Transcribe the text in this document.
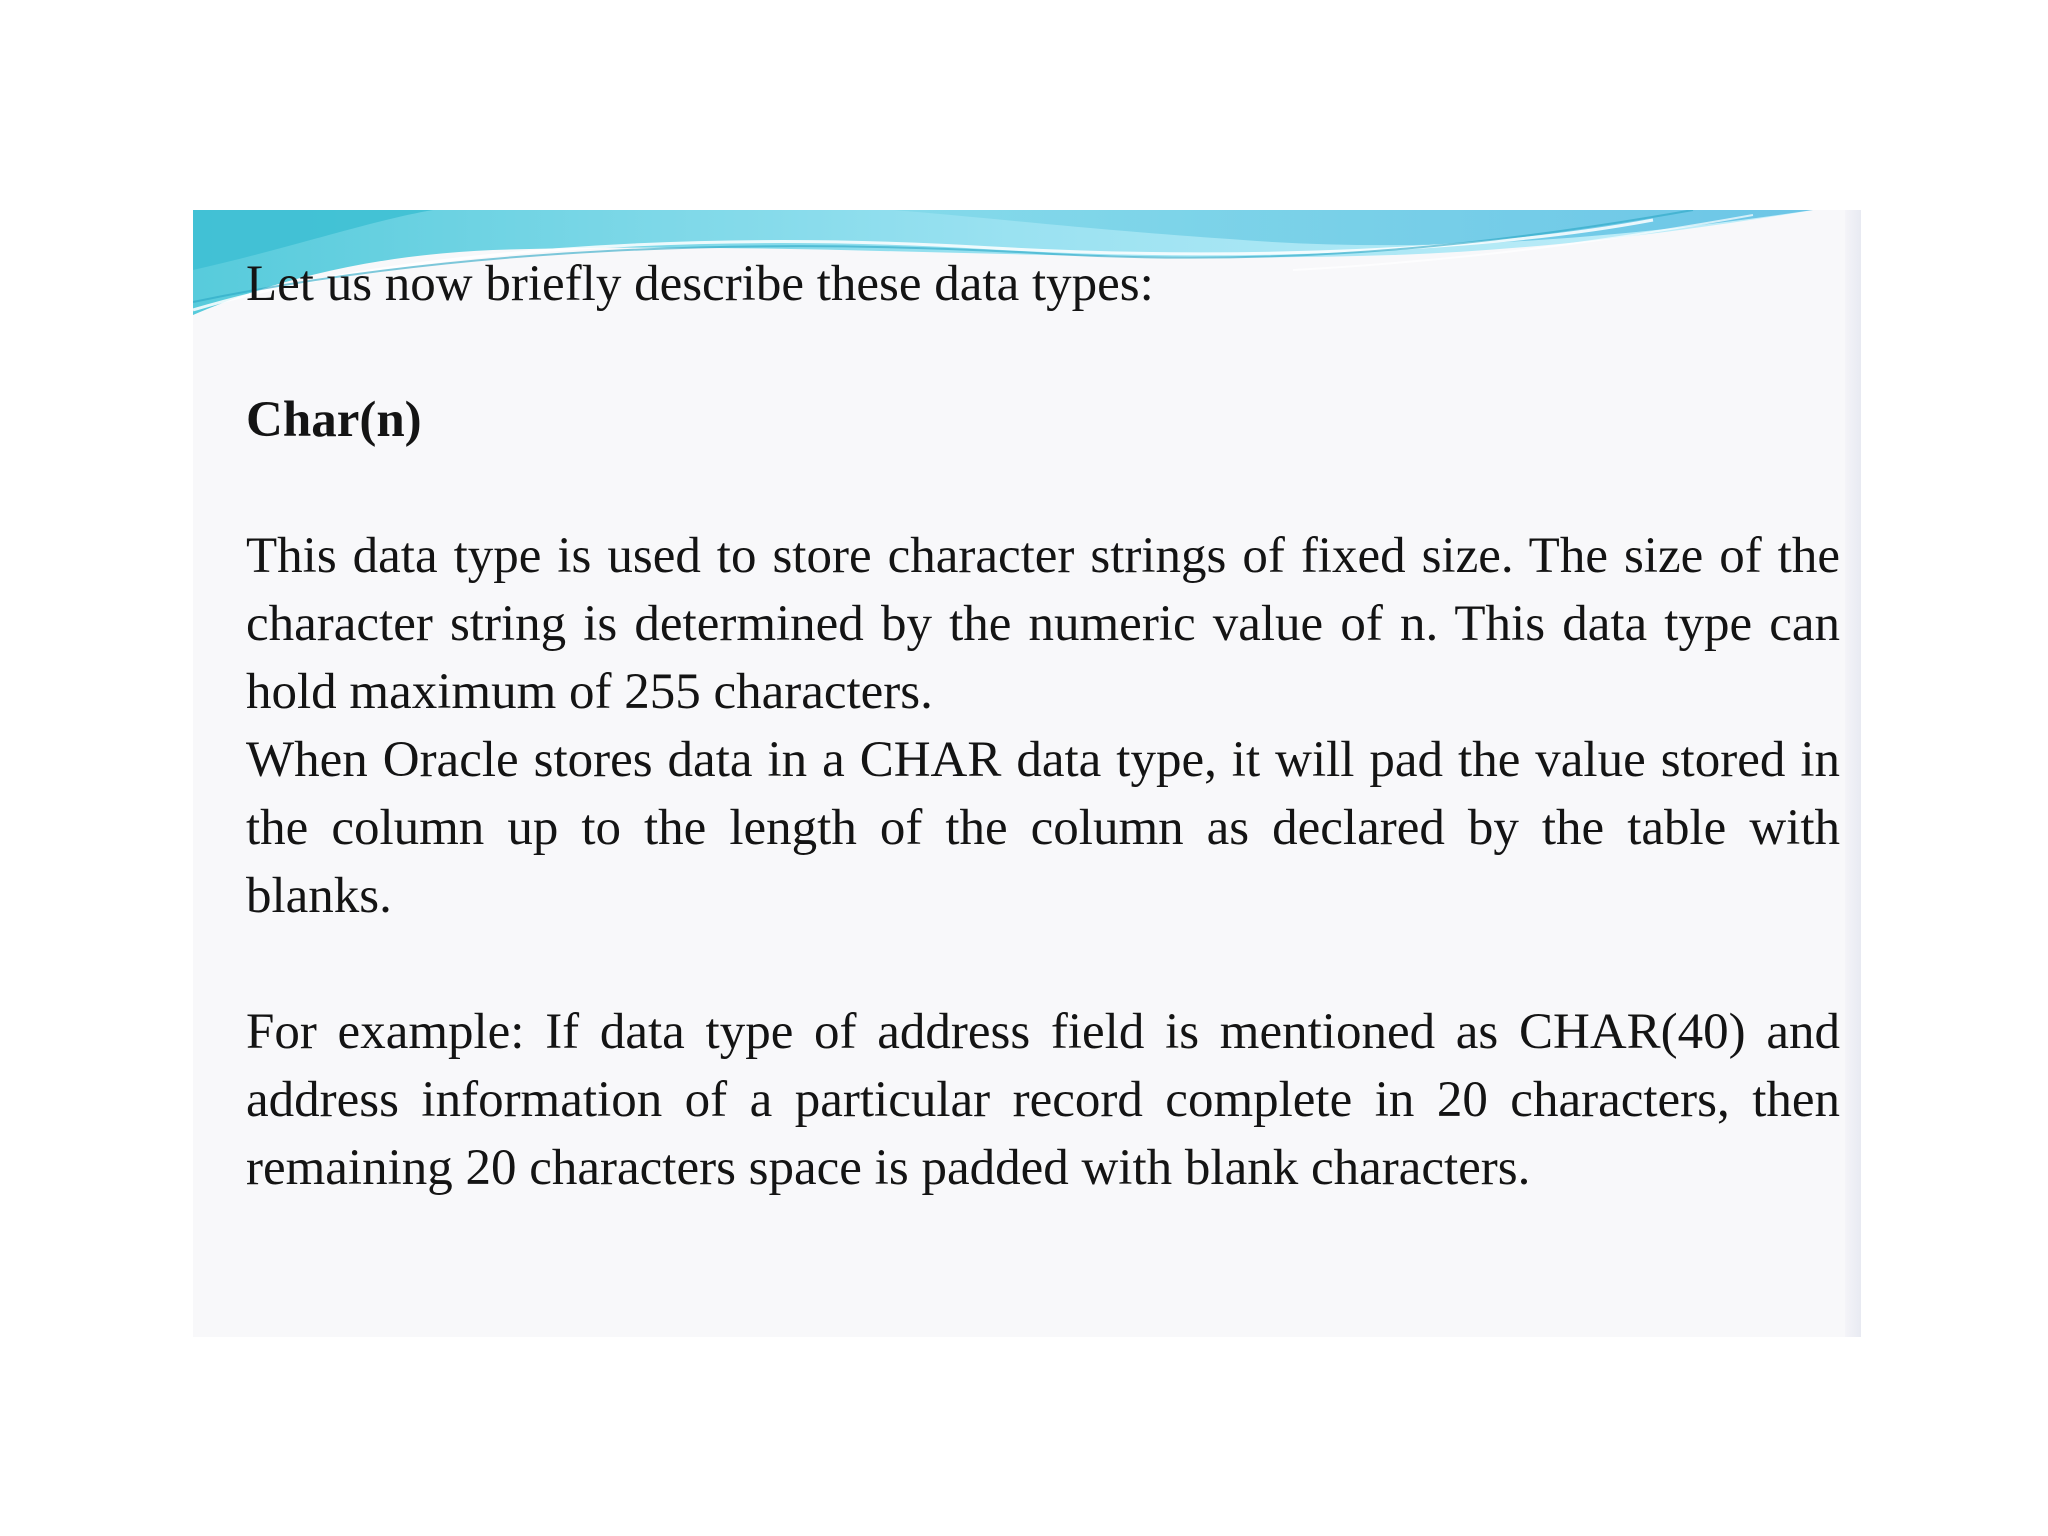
Let us now briefly describe these data types:

Char(n)

This data type is used to store character strings of fixed size. The size of the character string is determined by the numeric value of n. This data type can hold maximum of 255 characters.

When Oracle stores data in a CHAR data type, it will pad the value stored in the column up to the length of the column as declared by the table with blanks.

For example: If data type of address field is mentioned as CHAR(40) and address information of a particular record complete in 20 characters, then remaining 20 characters space is padded with blank characters.
